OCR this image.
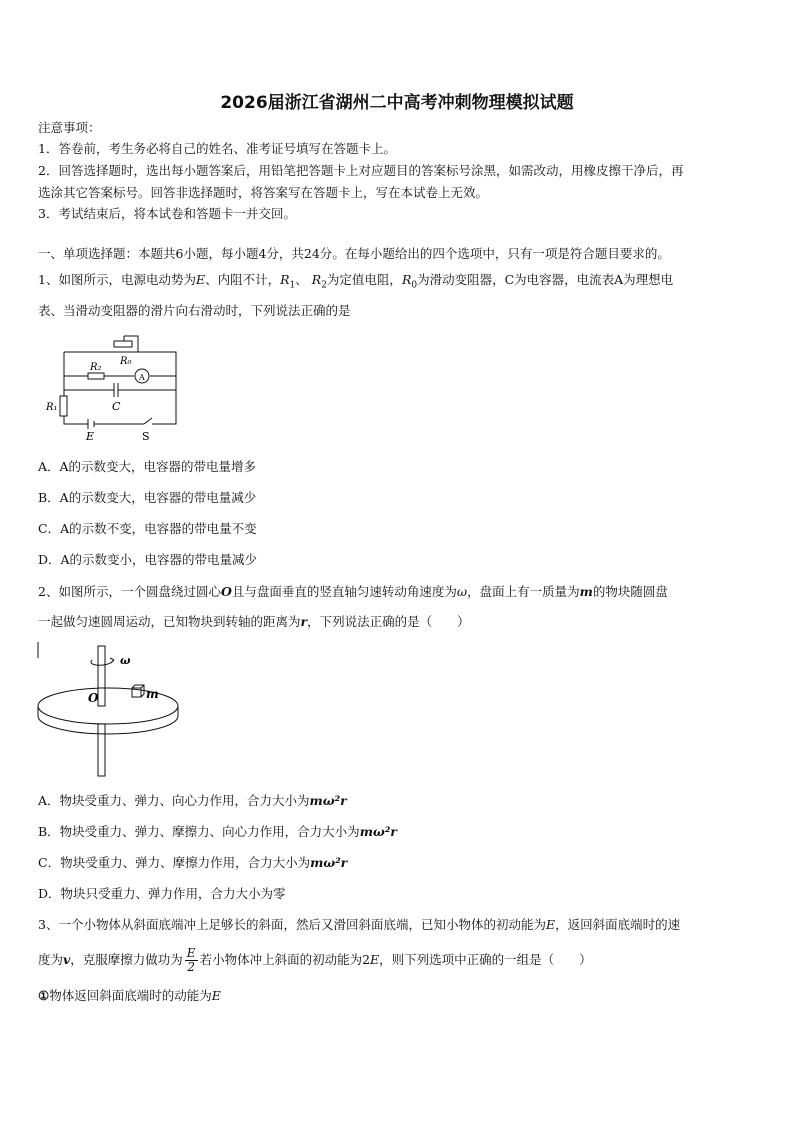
2026届浙江省湖州二中高考冲刺物理模拟试题
注意事项：
1．答卷前，考生务必将自己的姓名、准考证号填写在答题卡上。
2．回答选择题时，选出每小题答案后，用铅笔把答题卡上对应题目的答案标号涂黑，如需改动，用橡皮擦干净后，再
选涂其它答案标号。回答非选择题时，将答案写在答题卡上，写在本试卷上无效。
3．考试结束后，将本试卷和答题卡一并交回。
一、单项选择题：本题共6小题，每小题4分，共24分。在每小题给出的四个选项中，只有一项是符合题目要求的。
1、如图所示，电源电动势为E、内阻不计，$R_1$、 $R_2$为定值电阻，$R_0$为滑动变阻器，C为电容器，电流表A为理想电
表、当滑动变阻器的滑片向右滑动时，下列说法正确的是
R₀
R₂
A
C
R₁
E	S
A．A的示数变大，电容器的带电量增多
B．A的示数变大，电容器的带电量减少
C．A的示数不变，电容器的带电量不变
D．A的示数变小，电容器的带电量减少
2、如图所示，一个圆盘绕过圆心O且与盘面垂直的竖直轴匀速转动角速度为ω，盘面上有一质量为m的物块随圆盘
一起做匀速圆周运动，已知物块到转轴的距离为r，下列说法正确的是（　　）
ω
O	m
A．物块受重力、弹力、向心力作用，合力大小为mω²r
B．物块受重力、弹力、摩擦力、向心力作用，合力大小为mω²r
C．物块受重力、弹力、摩擦力作用，合力大小为mω²r
D．物块只受重力、弹力作用，合力大小为零
3、一个小物体从斜面底端冲上足够长的斜面，然后又滑回斜面底端，已知小物体的初动能为E，返回斜面底端时的速
度为v，克服摩擦力做功为 $\frac{E}{2}$ 若小物体冲上斜面的初动能为2E，则下列选项中正确的一组是（　　）
①物体返回斜面底端时的动能为E
